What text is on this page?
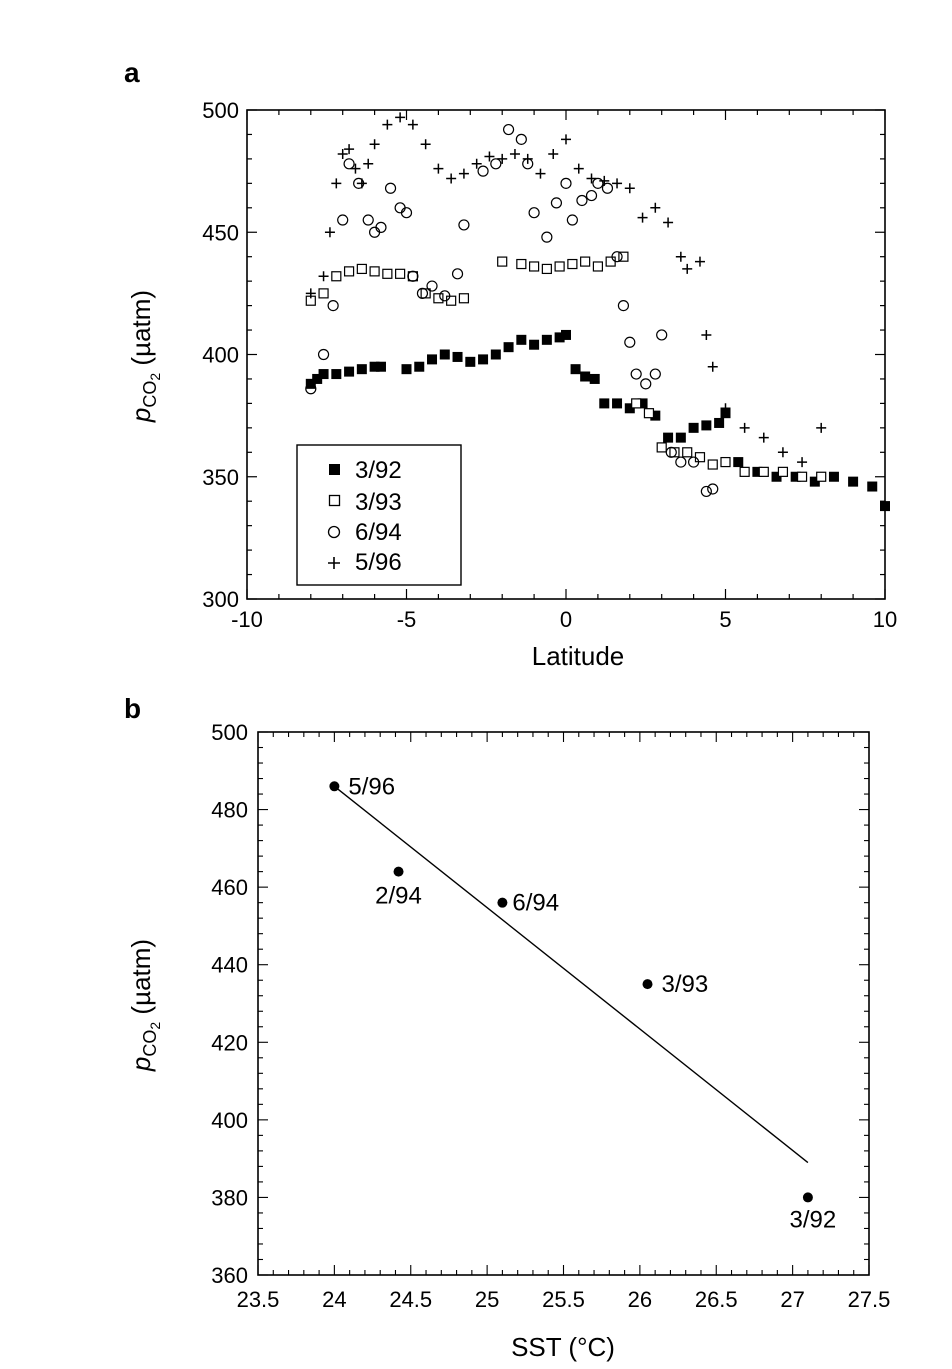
a
-10	-5	0	5	10
300
350
400
450
500
3/92
3/93
6/94
5/96
Latitude
$p_{CO}2$ (µatm)
b
23.5 24 24.5 25 25.5 26 26.5 27 27.5
360
380
400
420
440
460
480
500
5/96
2/94	6/94
3/93
3/92
SST (°C)
$p_{CO}2$ (µatm)
